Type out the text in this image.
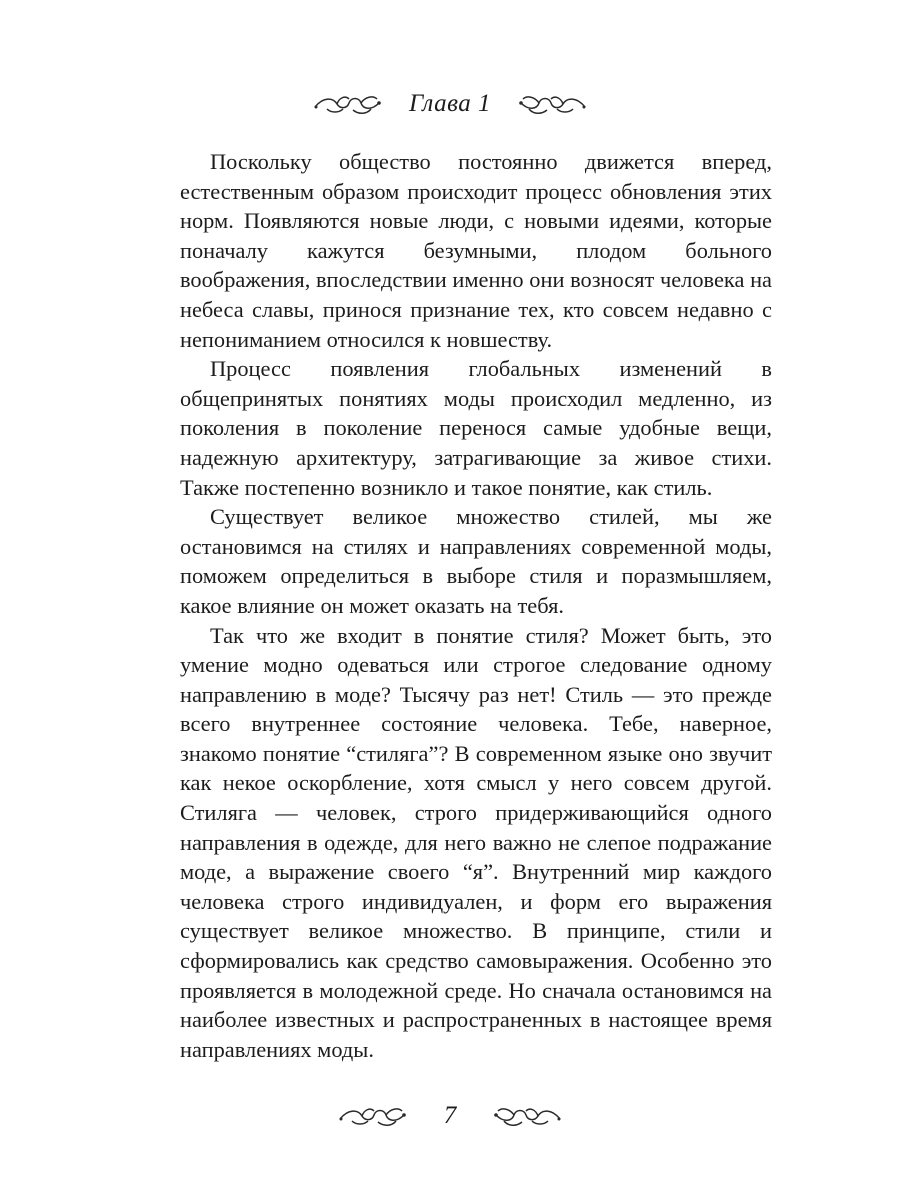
Глава 1

Поскольку общество постоянно движется вперед, естественным образом происходит процесс обновления этих норм. Появляются новые люди, с новыми идеями, которые поначалу кажутся безумными, плодом больного воображения, впоследствии именно они возносят человека на небеса славы, принося признание тех, кто совсем недавно с непониманием относился к новшеству.

Процесс появления глобальных изменений в общепринятых понятиях моды происходил медленно, из поколения в поколение перенося самые удобные вещи, надежную архитектуру, затрагивающие за живое стихи. Также постепенно возникло и такое понятие, как стиль.

Существует великое множество стилей, мы же остановимся на стилях и направлениях современной моды, поможем определиться в выборе стиля и поразмышляем, какое влияние он может оказать на тебя.

Так что же входит в понятие стиля? Может быть, это умение модно одеваться или строгое следование одному направлению в моде? Тысячу раз нет! Стиль — это прежде всего внутреннее состояние человека. Тебе, наверное, знакомо понятие “стиляга”? В современном языке оно звучит как некое оскорбление, хотя смысл у него совсем другой. Стиляга — человек, строго придерживающийся одного направления в одежде, для него важно не слепое подражание моде, а выражение своего “я”. Внутренний мир каждого человека строго индивидуален, и форм его выражения существует великое множество. В принципе, стили и сформировались как средство самовыражения. Особенно это проявляется в молодежной среде. Но сначала остановимся на наиболее известных и распространенных в настоящее время направлениях моды.

7
